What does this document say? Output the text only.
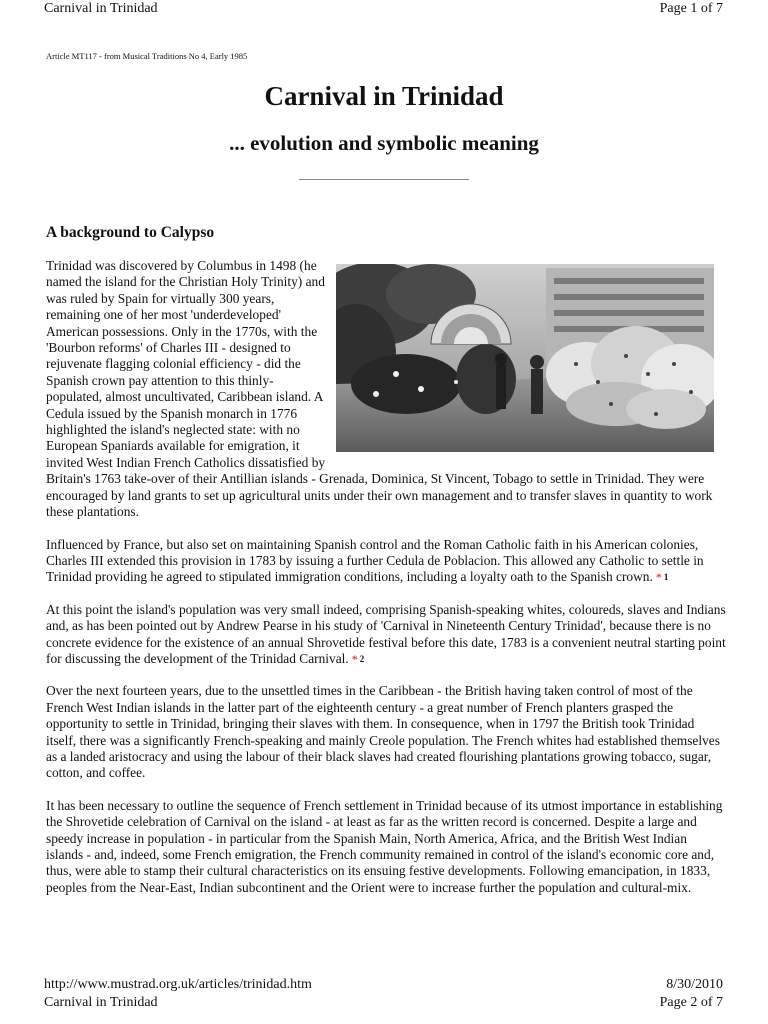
Carnival in Trinidad	Page 1 of 7
Article MT117 - from Musical Traditions No 4, Early 1985
Carnival in Trinidad
... evolution and symbolic meaning
A background to Calypso

Trinidad was discovered by Columbus in 1498 (he named the island for the Christian Holy Trinity) and was ruled by Spain for virtually 300 years, remaining one of her most 'underdeveloped' American possessions. Only in the 1770s, with the 'Bourbon reforms' of Charles III - designed to rejuvenate flagging colonial efficiency - did the Spanish crown pay attention to this thinly-populated, almost uncultivated, Caribbean island. A Cedula issued by the Spanish monarch in 1776 highlighted the island's neglected state: with no European Spaniards available for emigration, it invited West Indian French Catholics dissatisfied by Britain's 1763 take-over of their Antillian islands - Grenada, Dominica, St Vincent, Tobago to settle in Trinidad. They were encouraged by land grants to set up agricultural units under their own management and to transfer slaves in quantity to work these plantations.

Influenced by France, but also set on maintaining Spanish control and the Roman Catholic faith in his American colonies, Charles III extended this provision in 1783 by issuing a further Cedula de Poblacion. This allowed any Catholic to settle in Trinidad providing he agreed to stipulated immigration conditions, including a loyalty oath to the Spanish crown. * 1

At this point the island's population was very small indeed, comprising Spanish-speaking whites, coloureds, slaves and Indians and, as has been pointed out by Andrew Pearse in his study of 'Carnival in Nineteenth Century Trinidad', because there is no concrete evidence for the existence of an annual Shrovetide festival before this date, 1783 is a convenient neutral starting point for discussing the development of the Trinidad Carnival. * 2

Over the next fourteen years, due to the unsettled times in the Caribbean - the British having taken control of most of the French West Indian islands in the latter part of the eighteenth century - a great number of French planters grasped the opportunity to settle in Trinidad, bringing their slaves with them. In consequence, when in 1797 the British took Trinidad itself, there was a significantly French-speaking and mainly Creole population. The French whites had established themselves as a landed aristocracy and using the labour of their black slaves had created flourishing plantations growing tobacco, sugar, cotton, and coffee.

It has been necessary to outline the sequence of French settlement in Trinidad because of its utmost importance in establishing the Shrovetide celebration of Carnival on the island - at least as far as the written record is concerned. Despite a large and speedy increase in population - in particular from the Spanish Main, North America, Africa, and the British West Indian islands - and, indeed, some French emigration, the French community remained in control of the island's economic core and, thus, were able to stamp their cultural characteristics on its ensuing festive developments. Following emancipation, in 1833, peoples from the Near-East, Indian subcontinent and the Orient were to increase further the population and cultural-mix.

http://www.mustrad.org.uk/articles/trinidad.htm	8/30/2010
Carnival in Trinidad	Page 2 of 7
